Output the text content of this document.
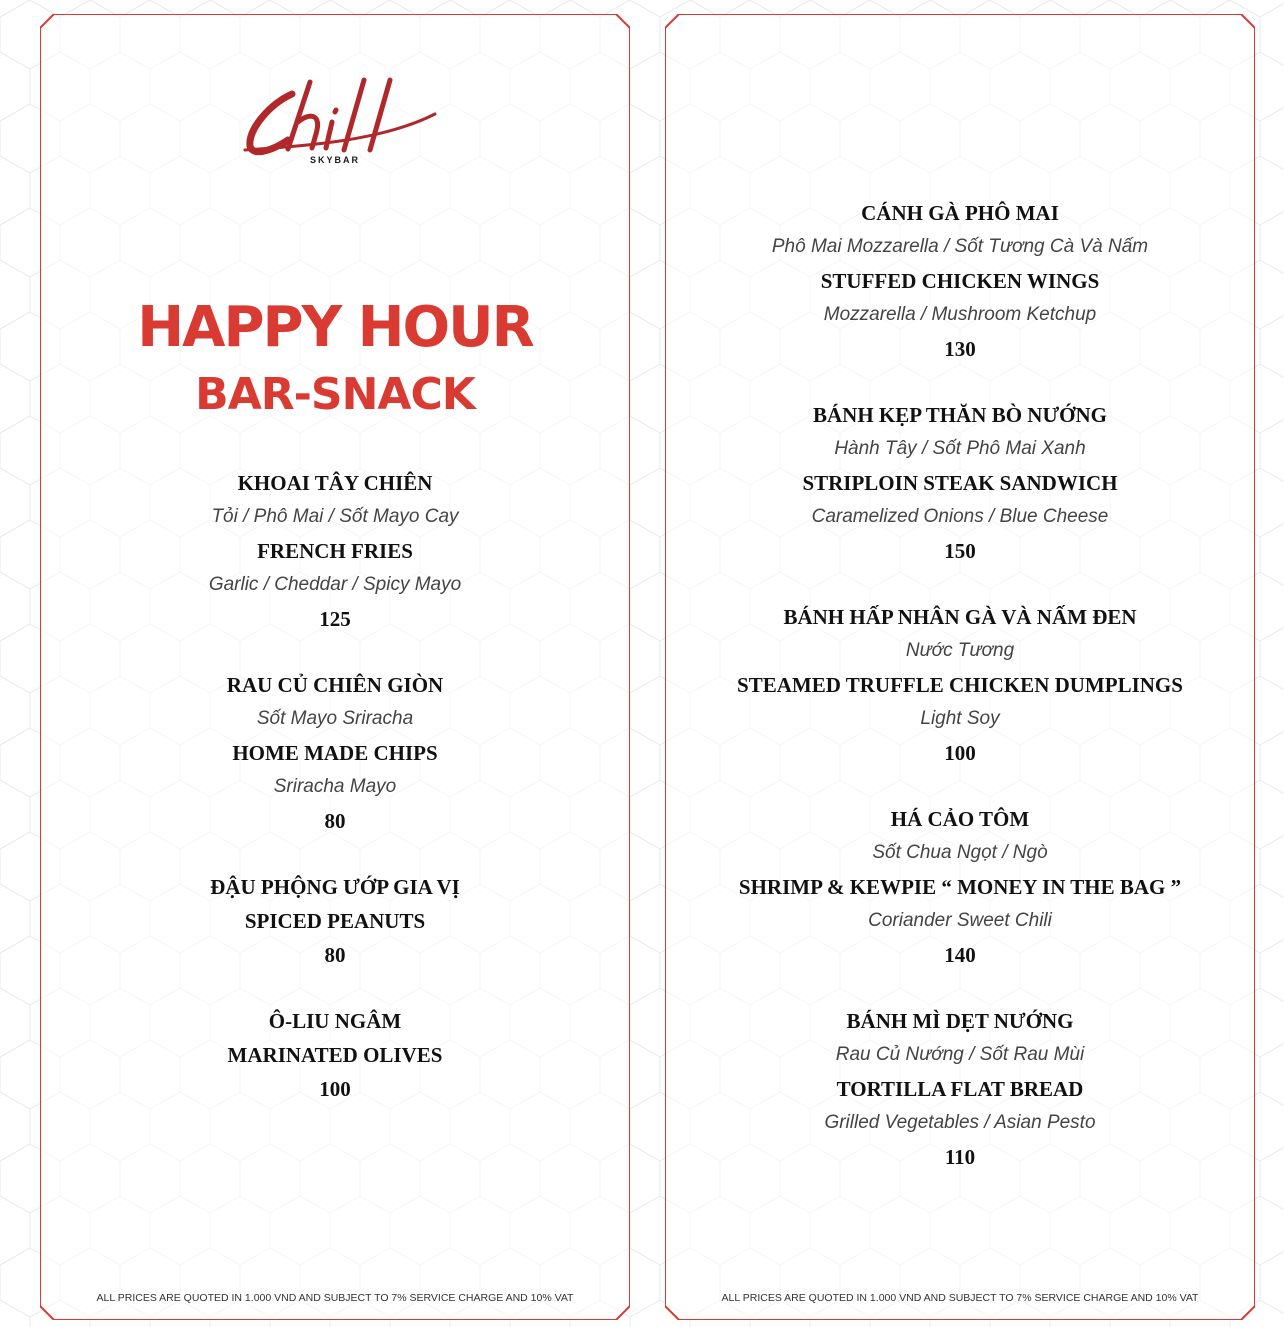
SKYBAR
HAPPY HOUR
BAR-SNACK
KHOAI TÂY CHIÊN
Tỏi / Phô Mai / Sốt Mayo Cay
FRENCH FRIES
Garlic / Cheddar / Spicy Mayo
125
RAU CỦ CHIÊN GIÒN
Sốt Mayo Sriracha
HOME MADE CHIPS
Sriracha Mayo
80
ĐẬU PHỘNG ƯỚP GIA VỊ
SPICED PEANUTS
80
Ô-LIU NGÂM
MARINATED OLIVES
100
ALL PRICES ARE QUOTED IN 1.000 VND AND SUBJECT TO 7% SERVICE CHARGE AND 10% VAT
CÁNH GÀ PHÔ MAI
Phô Mai Mozzarella / Sốt Tương Cà Và Nấm
STUFFED CHICKEN WINGS
Mozzarella / Mushroom Ketchup
130
BÁNH KẸP THĂN BÒ NƯỚNG
Hành Tây / Sốt Phô Mai Xanh
STRIPLOIN STEAK SANDWICH
Caramelized Onions / Blue Cheese
150
BÁNH HẤP NHÂN GÀ VÀ NẤM ĐEN
Nước Tương
STEAMED TRUFFLE CHICKEN DUMPLINGS
Light Soy
100
HÁ CẢO TÔM
Sốt Chua Ngọt / Ngò
SHRIMP & KEWPIE “ MONEY IN THE BAG ”
Coriander Sweet Chili
140
BÁNH MÌ DẸT NƯỚNG
Rau Củ Nướng / Sốt Rau Mùi
TORTILLA FLAT BREAD
Grilled Vegetables / Asian Pesto
110
ALL PRICES ARE QUOTED IN 1.000 VND AND SUBJECT TO 7% SERVICE CHARGE AND 10% VAT
